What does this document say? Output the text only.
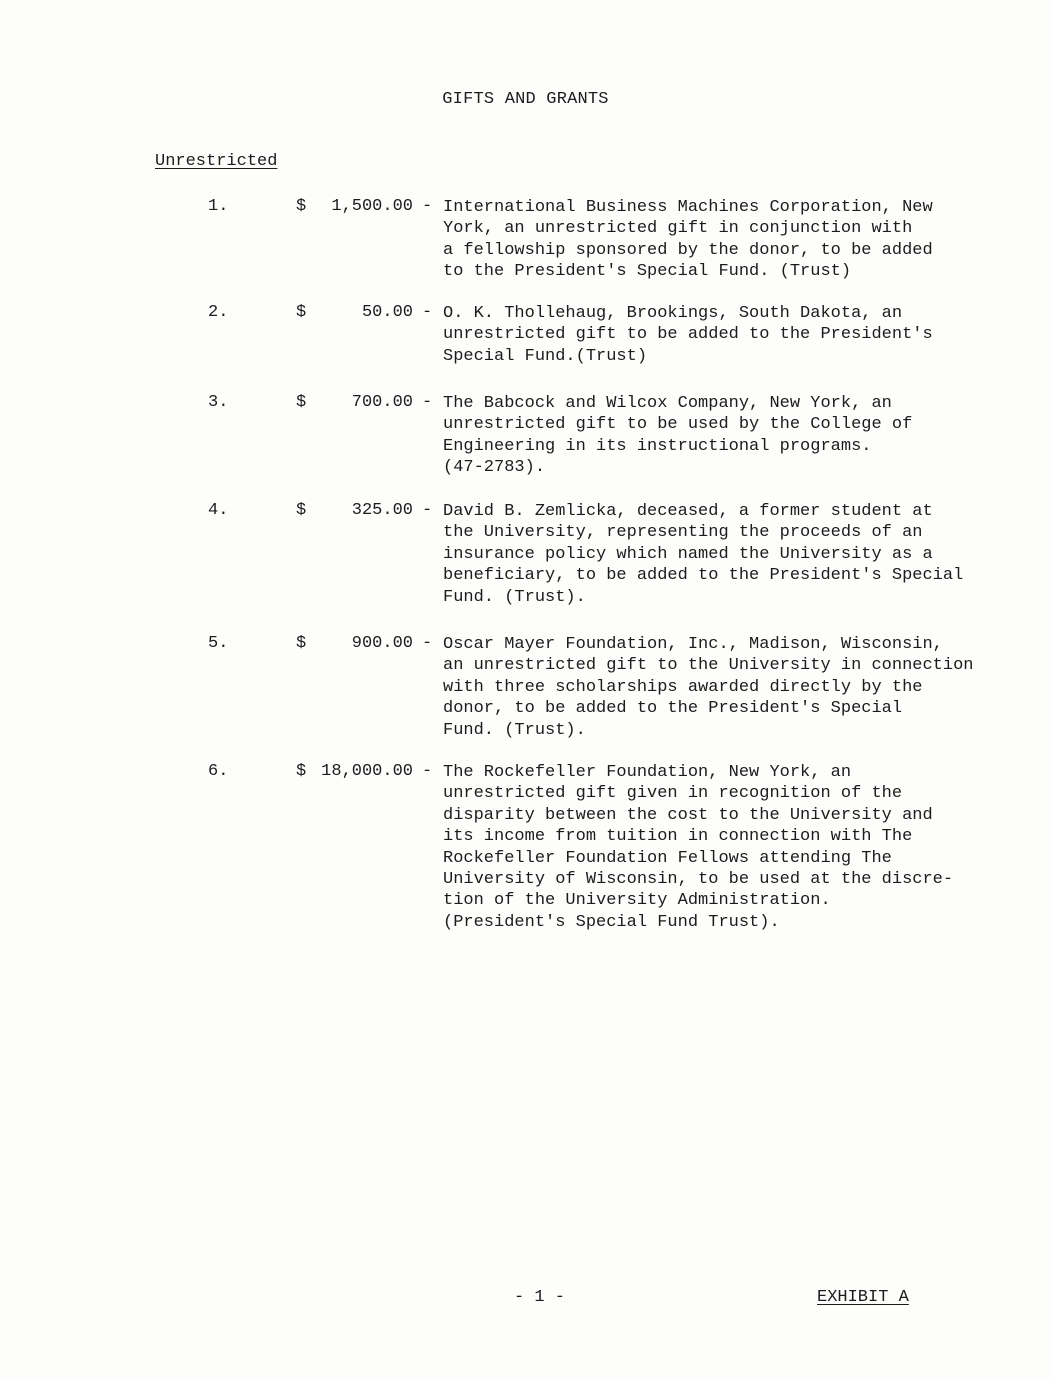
GIFTS AND GRANTS
Unrestricted
1.	$ 1,500.00 - International Business Machines Corporation, New
York, an unrestricted gift in conjunction with
a fellowship sponsored by the donor, to be added
to the President's Special Fund. (Trust)
2.	$	50.00 - O. K. Thollehaug, Brookings, South Dakota, an
unrestricted gift to be added to the President's
Special Fund.(Trust)
3.	$	700.00 - The Babcock and Wilcox Company, New York, an
unrestricted gift to be used by the College of
Engineering in its instructional programs.
(47-2783).
4.	$	325.00 - David B. Zemlicka, deceased, a former student at
the University, representing the proceeds of an
insurance policy which named the University as a
beneficiary, to be added to the President's Special
Fund. (Trust).
5.	$	900.00 - Oscar Mayer Foundation, Inc., Madison, Wisconsin,
an unrestricted gift to the University in connection
with three scholarships awarded directly by the
donor, to be added to the President's Special
Fund. (Trust).
6.	$ 18,000.00 - The Rockefeller Foundation, New York, an
unrestricted gift given in recognition of the
disparity between the cost to the University and
its income from tuition in connection with The
Rockefeller Foundation Fellows attending The
University of Wisconsin, to be used at the discre-
tion of the University Administration.
(President's Special Fund Trust).
- 1 -	EXHIBIT A
